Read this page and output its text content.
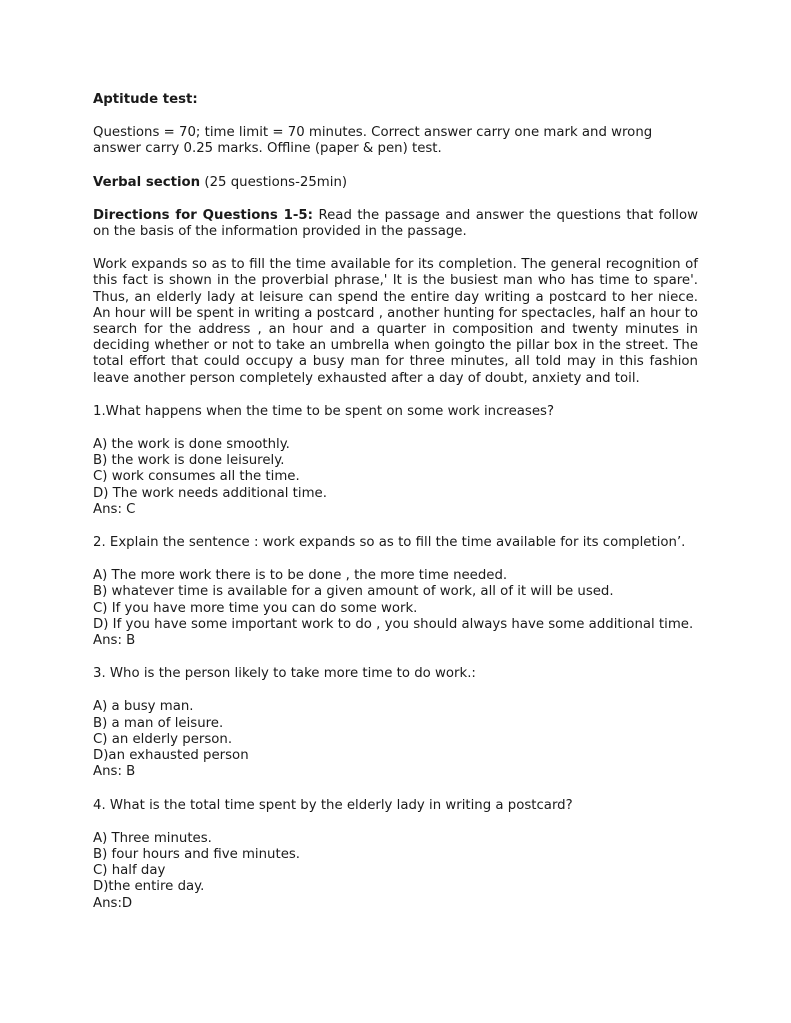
Aptitude test:

Questions = 70; time limit = 70 minutes. Correct answer carry one mark and wrong answer carry 0.25 marks. Offline (paper & pen) test.

Verbal section (25 questions-25min)

Directions for Questions 1-5: Read the passage and answer the questions that follow on the basis of the information provided in the passage.

Work expands so as to fill the time available for its completion. The general recognition of this fact is shown in the proverbial phrase,' It is the busiest man who has time to spare'. Thus, an elderly lady at leisure can spend the entire day writing a postcard to her niece. An hour will be spent in writing a postcard , another hunting for spectacles, half an hour to search for the address , an hour and a quarter in composition and twenty minutes in deciding whether or not to take an umbrella when goingto the pillar box in the street. The total effort that could occupy a busy man for three minutes, all told may in this fashion leave another person completely exhausted after a day of doubt, anxiety and toil.

1.What happens when the time to be spent on some work increases?

A) the work is done smoothly.
B) the work is done leisurely.
C) work consumes all the time.
D) The work needs additional time.
Ans: C

2. Explain the sentence : work expands so as to fill the time available for its completion’.

A) The more work there is to be done , the more time needed.
B) whatever time is available for a given amount of work, all of it will be used.
C) If you have more time you can do some work.
D) If you have some important work to do , you should always have some additional time.
Ans: B

3. Who is the person likely to take more time to do work.:

A) a busy man.
B) a man of leisure.
C) an elderly person.
D)an exhausted person
Ans: B

4. What is the total time spent by the elderly lady in writing a postcard?

A) Three minutes.
B) four hours and five minutes.
C) half day
D)the entire day.
Ans:D
